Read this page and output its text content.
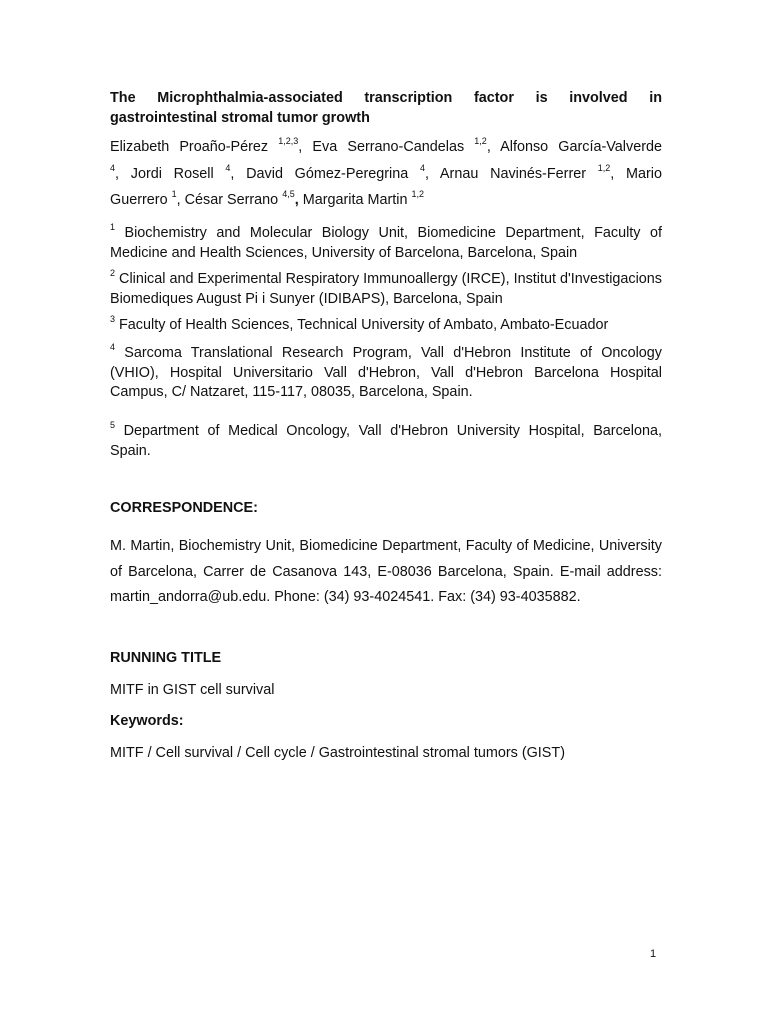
The Microphthalmia-associated transcription factor is involved in gastrointestinal stromal tumor growth
Elizabeth Proaño-Pérez $^{1,2,3}$, Eva Serrano-Candelas $^{1,2}$, Alfonso García-Valverde
$^4$, Jordi Rosell $^4$, David Gómez-Peregrina $^4$, Arnau Navinés-Ferrer $^{1,2}$, Mario
Guerrero $^1$, César Serrano $^{4,5}$, Margarita Martin $^{1,2}$
$^1$ Biochemistry and Molecular Biology Unit, Biomedicine Department, Faculty of Medicine and Health Sciences, University of Barcelona, Barcelona, Spain
$^2$ Clinical and Experimental Respiratory Immunoallergy (IRCE), Institut d'Investigacions Biomediques August Pi i Sunyer (IDIBAPS), Barcelona, Spain
$^3$ Faculty of Health Sciences, Technical University of Ambato, Ambato-Ecuador
$^4$ Sarcoma Translational Research Program, Vall d'Hebron Institute of Oncology (VHIO), Hospital Universitario Vall d'Hebron, Vall d'Hebron Barcelona Hospital Campus, C/ Natzaret, 115-117, 08035, Barcelona, Spain.
$^5$ Department of Medical Oncology, Vall d'Hebron University Hospital, Barcelona, Spain.
CORRESPONDENCE:
M. Martin, Biochemistry Unit, Biomedicine Department, Faculty of Medicine, University of Barcelona, Carrer de Casanova 143, E-08036 Barcelona, Spain. E-mail address: martin_andorra@ub.edu. Phone: (34) 93-4024541. Fax: (34) 93-4035882.
RUNNING TITLE
MITF in GIST cell survival
Keywords:
MITF / Cell survival / Cell cycle / Gastrointestinal stromal tumors (GIST)
1
